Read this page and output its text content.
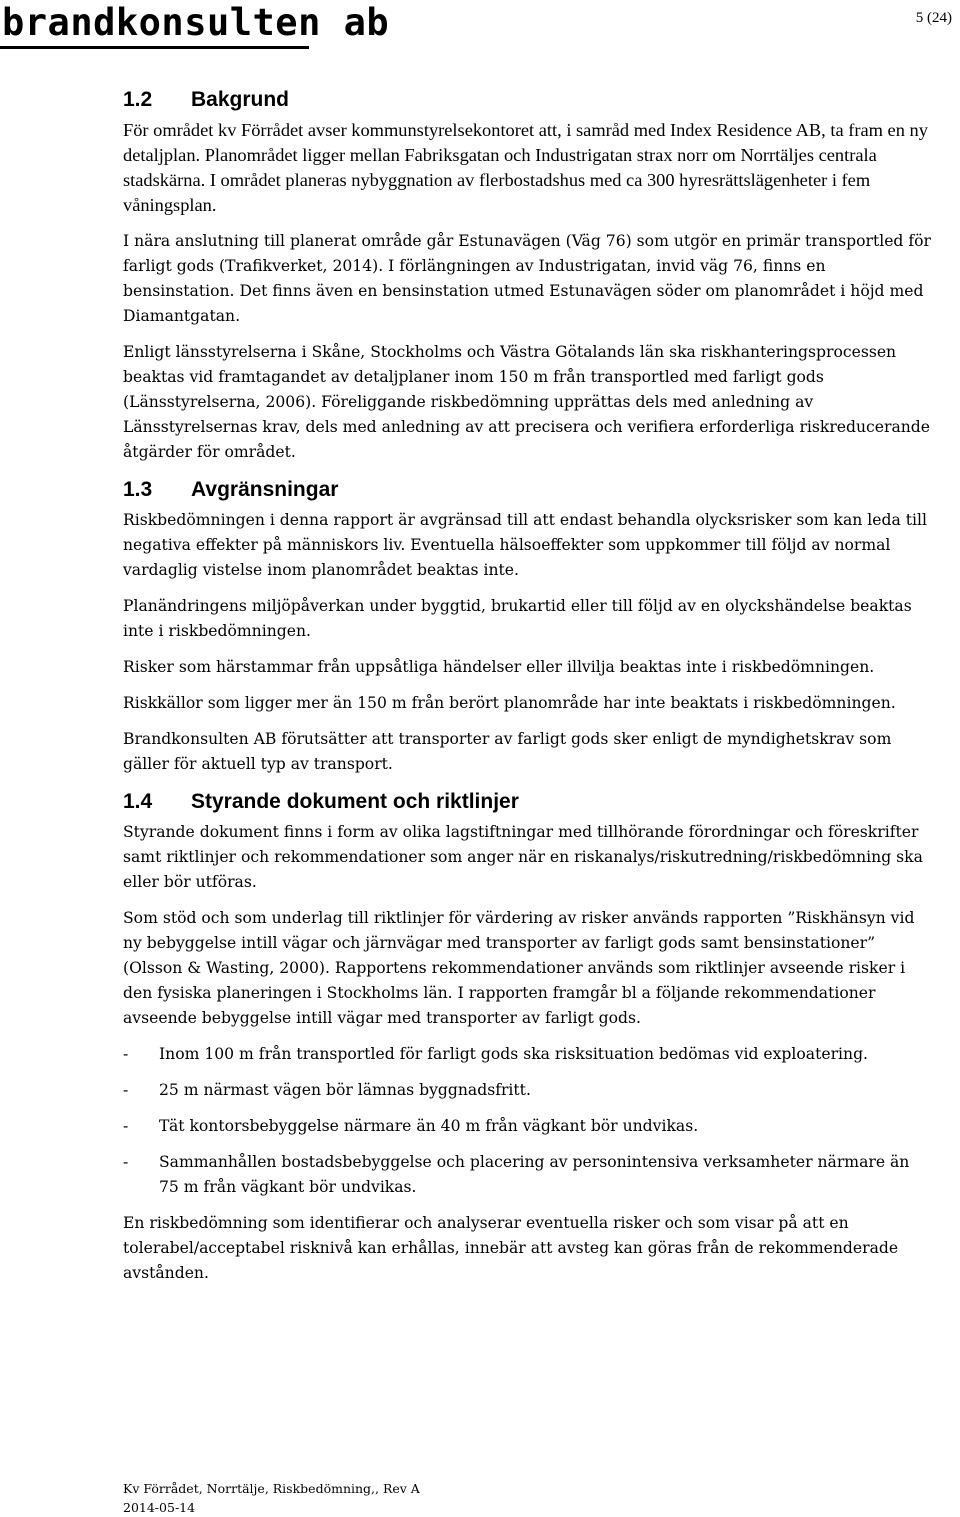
brandkonsulten ab	5 (24)
1.2 Bakgrund

För området kv Förrådet avser kommunstyrelsekontoret att, i samråd med Index Residence AB, ta fram en ny detaljplan. Planområdet ligger mellan Fabriksgatan och Industrigatan strax norr om Norrtäljes centrala stadskärna. I området planeras nybyggnation av flerbostadshus med ca 300 hyresrättslägenheter i fem våningsplan.

I nära anslutning till planerat område går Estunavägen (Väg 76) som utgör en primär transportled för farligt gods (Trafikverket, 2014). I förlängningen av Industrigatan, invid väg 76, finns en bensinstation. Det finns även en bensinstation utmed Estunavägen söder om planområdet i höjd med Diamantgatan.

Enligt länsstyrelserna i Skåne, Stockholms och Västra Götalands län ska riskhanteringsprocessen beaktas vid framtagandet av detaljplaner inom 150 m från transportled med farligt gods (Länsstyrelserna, 2006). Föreliggande riskbedömning upprättas dels med anledning av Länsstyrelsernas krav, dels med anledning av att precisera och verifiera erforderliga riskreducerande åtgärder för området.

1.3 Avgränsningar

Riskbedömningen i denna rapport är avgränsad till att endast behandla olycksrisker som kan leda till negativa effekter på människors liv. Eventuella hälsoeffekter som uppkommer till följd av normal vardaglig vistelse inom planområdet beaktas inte.

Planändringens miljöpåverkan under byggtid, brukartid eller till följd av en olyckshändelse beaktas inte i riskbedömningen.

Risker som härstammar från uppsåtliga händelser eller illvilja beaktas inte i riskbedömningen.

Riskkällor som ligger mer än 150 m från berört planområde har inte beaktats i riskbedömningen.

Brandkonsulten AB förutsätter att transporter av farligt gods sker enligt de myndighetskrav som gäller för aktuell typ av transport.

1.4 Styrande dokument och riktlinjer

Styrande dokument finns i form av olika lagstiftningar med tillhörande förordningar och föreskrifter samt riktlinjer och rekommendationer som anger när en riskanalys/riskutredning/riskbedömning ska eller bör utföras.

Som stöd och som underlag till riktlinjer för värdering av risker används rapporten ”Riskhänsyn vid ny bebyggelse intill vägar och järnvägar med transporter av farligt gods samt bensinstationer” (Olsson & Wasting, 2000). Rapportens rekommendationer används som riktlinjer avseende risker i den fysiska planeringen i Stockholms län. I rapporten framgår bl a följande rekommendationer avseende bebyggelse intill vägar med transporter av farligt gods.

-	Inom 100 m från transportled för farligt gods ska risksituation bedömas vid exploatering.
-	25 m närmast vägen bör lämnas byggnadsfritt.
-	Tät kontorsbebyggelse närmare än 40 m från vägkant bör undvikas.
-	Sammanhållen bostadsbebyggelse och placering av personintensiva verksamheter närmare än 75 m från vägkant bör undvikas.

En riskbedömning som identifierar och analyserar eventuella risker och som visar på att en tolerabel/acceptabel risknivå kan erhållas, innebär att avsteg kan göras från de rekommenderade avstånden.

Kv Förrådet, Norrtälje, Riskbedömning,, Rev A
2014-05-14
